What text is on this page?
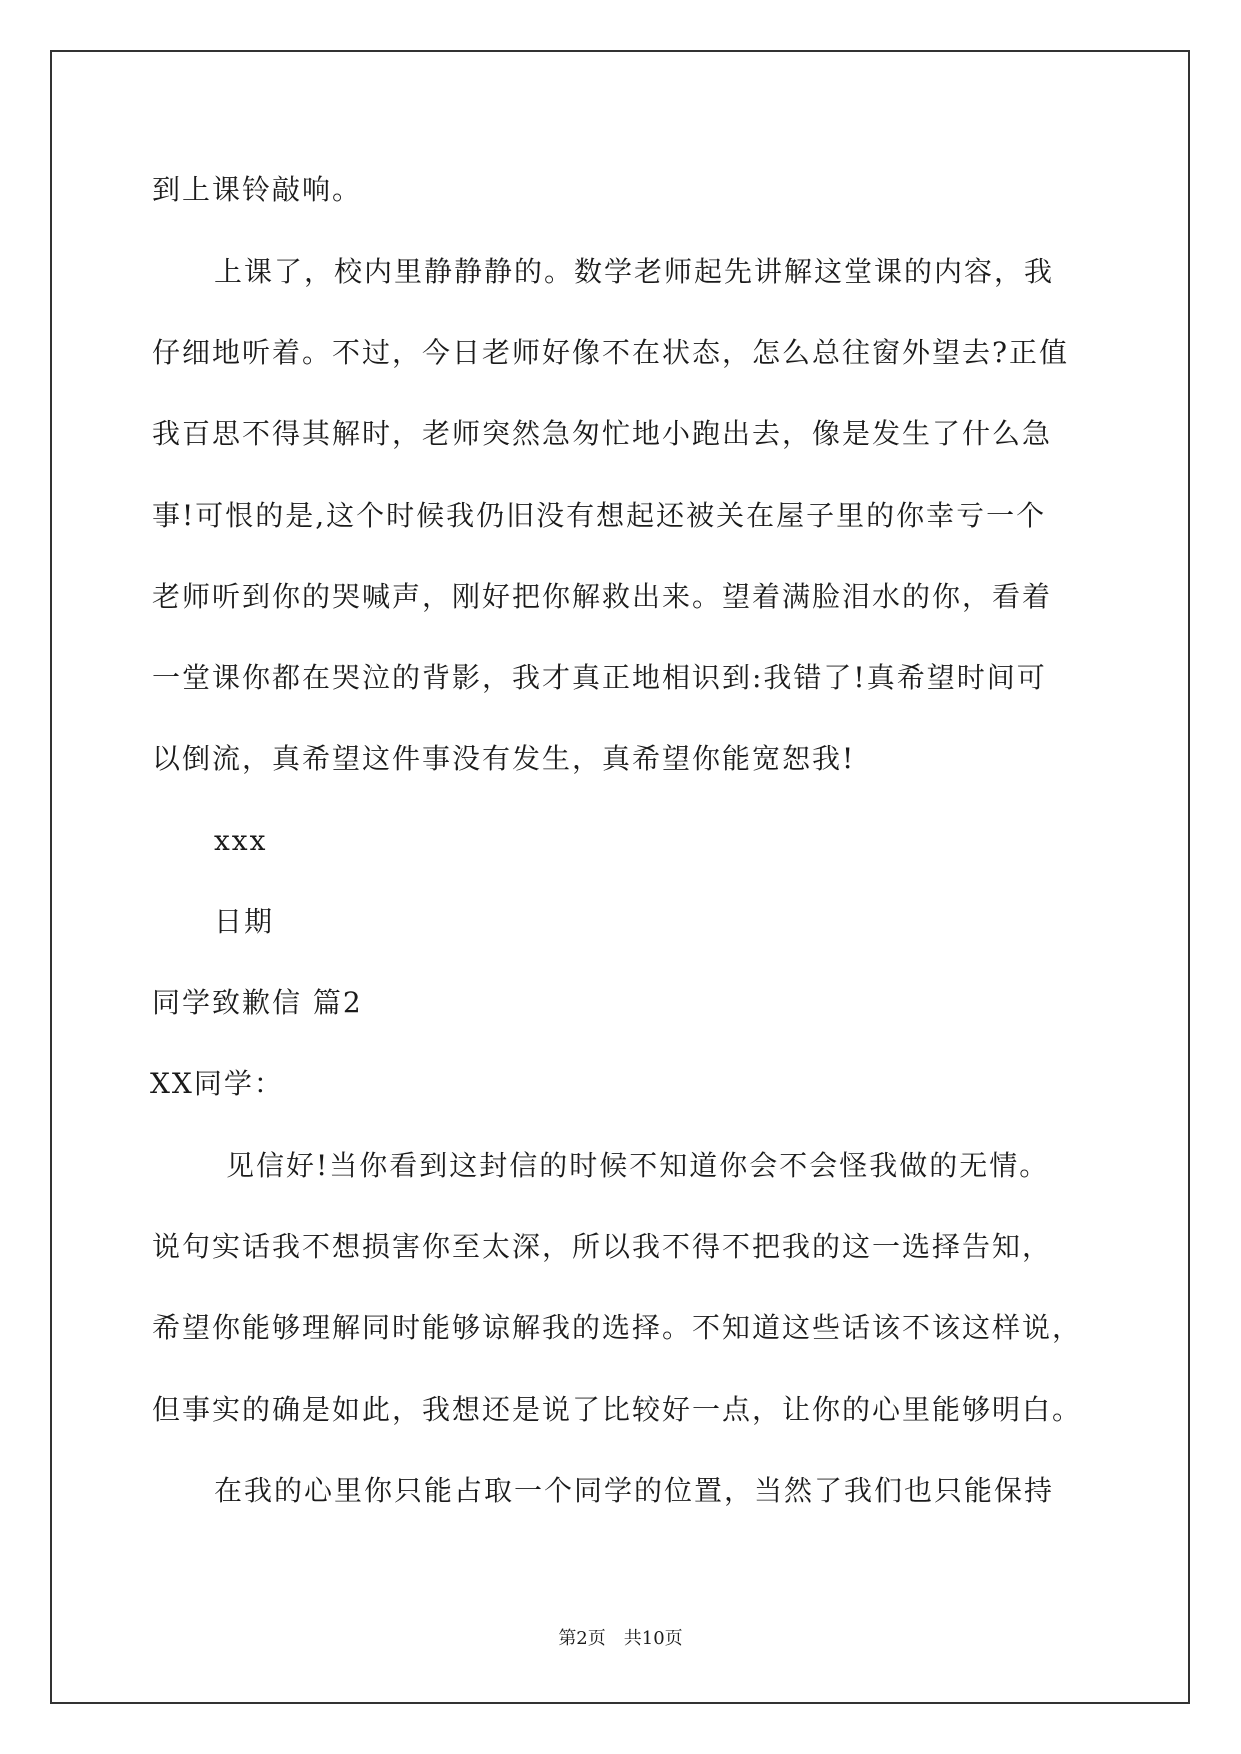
到上课铃敲响。
上课了，校内里静静静的。数学老师起先讲解这堂课的内容，我
仔细地听着。不过，今日老师好像不在状态，怎么总往窗外望去?正值
我百思不得其解时，老师突然急匆忙地小跑出去，像是发生了什么急
事!可恨的是,这个时候我仍旧没有想起还被关在屋子里的你幸亏一个
老师听到你的哭喊声，刚好把你解救出来。望着满脸泪水的你，看着
一堂课你都在哭泣的背影，我才真正地相识到:我错了!真希望时间可
以倒流，真希望这件事没有发生，真希望你能宽恕我!
xxx
日期
同学致歉信 篇2
XX同学：
见信好!当你看到这封信的时候不知道你会不会怪我做的无情。
说句实话我不想损害你至太深，所以我不得不把我的这一选择告知，
希望你能够理解同时能够谅解我的选择。不知道这些话该不该这样说，
但事实的确是如此，我想还是说了比较好一点，让你的心里能够明白。
在我的心里你只能占取一个同学的位置，当然了我们也只能保持
第2页 共10页
